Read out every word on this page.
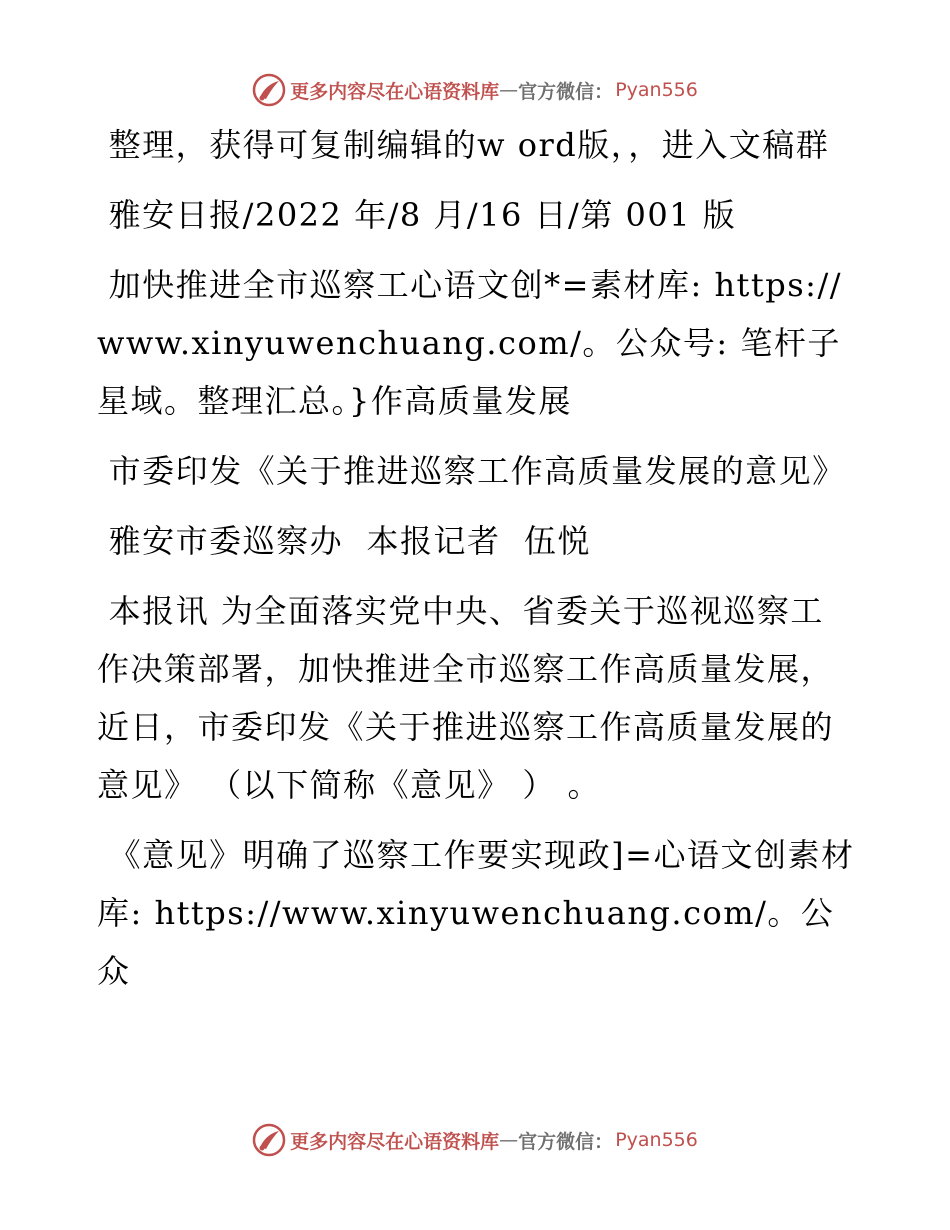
更多内容尽在心语资料库 — 官方微信： Pyan556

整理，获得可复制编辑的w ord版，，进入文稿群

雅安日报/2022 年/8 月/16 日/第 001 版

加快推进全市巡察工心语文创*=素材库: https://www.xinyuwenchuang.com/。公众号: 笔杆子星域。整理汇总。}作高质量发展

市委印发《关于推进巡察工作高质量发展的意见》

雅安市委巡察办  本报记者  伍悦

本报讯 为全面落实党中央、省委关于巡视巡察工作决策部署，加快推进全市巡察工作高质量发展，近日，市委印发《关于推进巡察工作高质量发展的意见》 （以下简称《意见》 ） 。

《意见》明确了巡察工作要实现政]=心语文创素材库: https://www.xinyuwenchuang.com/。公众

更多内容尽在心语资料库 — 官方微信： Pyan556
